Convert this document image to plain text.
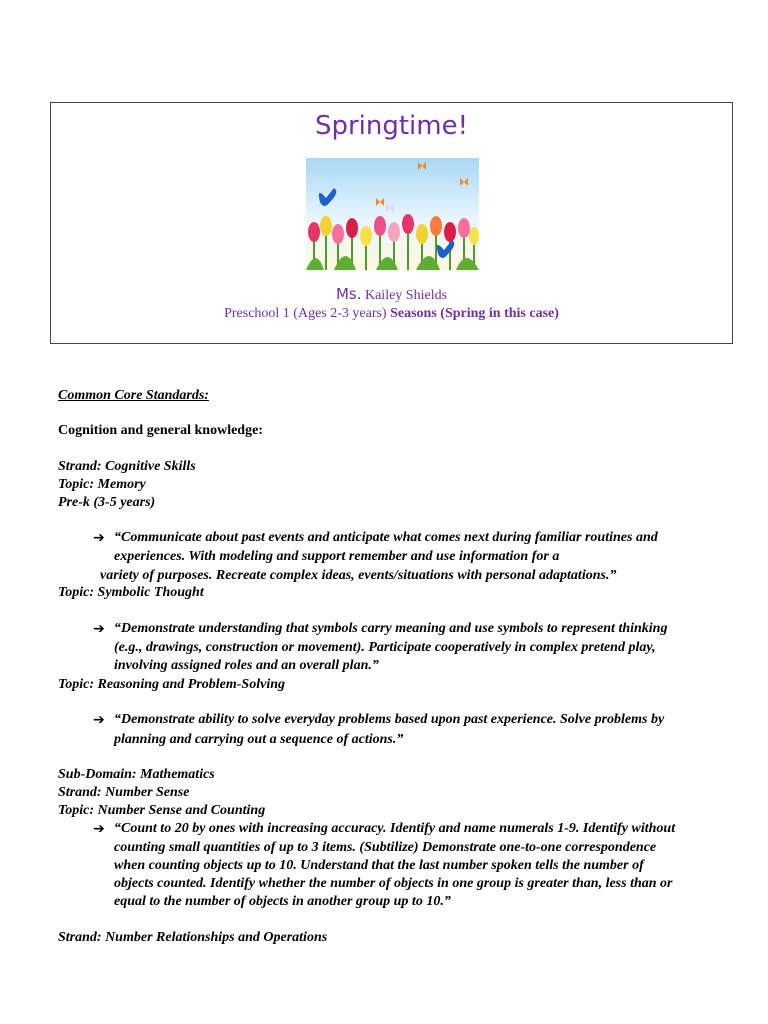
Springtime!
Ms. Kailey Shields
Preschool 1 (Ages 2-3 years) Seasons (Spring in this case)
Common Core Standards:
Cognition and general knowledge:
Strand: Cognitive Skills
Topic: Memory
Pre-k (3-5 years)
➔ “Communicate about past events and anticipate what comes next during familiar routines and
experiences. With modeling and support remember and use information for a
variety of purposes. Recreate complex ideas, events/situations with personal adaptations.”
Topic: Symbolic Thought
➔ “Demonstrate understanding that symbols carry meaning and use symbols to represent thinking
(e.g., drawings, construction or movement). Participate cooperatively in complex pretend play,
involving assigned roles and an overall plan.”
Topic: Reasoning and Problem-Solving
➔ “Demonstrate ability to solve everyday problems based upon past experience. Solve problems by
planning and carrying out a sequence of actions.”
Sub-Domain: Mathematics
Strand: Number Sense
Topic: Number Sense and Counting
➔ “Count to 20 by ones with increasing accuracy. Identify and name numerals 1-9. Identify without
counting small quantities of up to 3 items. (Subtilize) Demonstrate one-to-one correspondence
when counting objects up to 10. Understand that the last number spoken tells the number of
objects counted. Identify whether the number of objects in one group is greater than, less than or
equal to the number of objects in another group up to 10.”
Strand: Number Relationships and Operations
